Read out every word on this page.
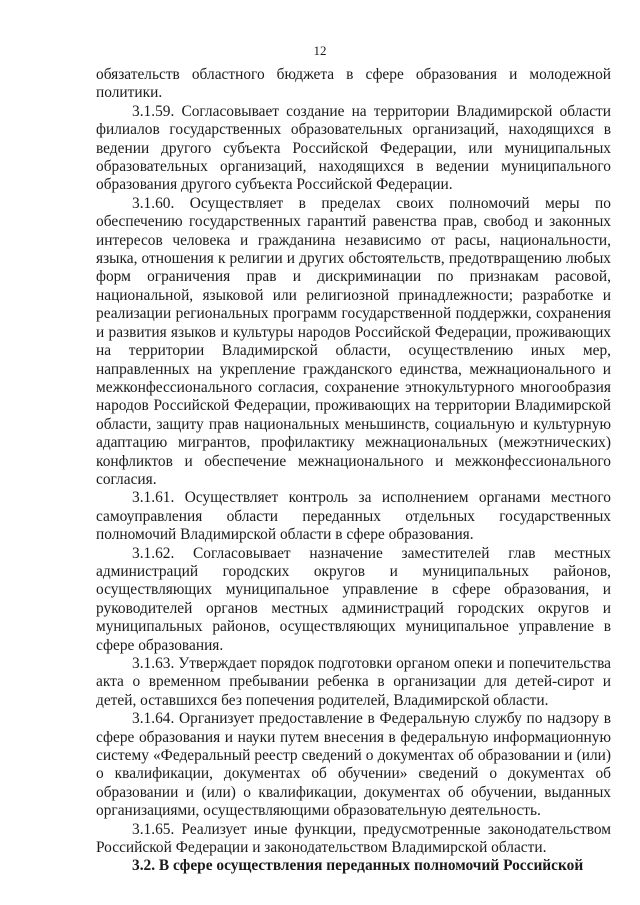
12

обязательств областного бюджета в сфере образования и молодежной политики.

3.1.59. Согласовывает создание на территории Владимирской области филиалов государственных образовательных организаций, находящихся в ведении другого субъекта Российской Федерации, или муниципальных образовательных организаций, находящихся в ведении муниципального образования другого субъекта Российской Федерации.

3.1.60. Осуществляет в пределах своих полномочий меры по обеспечению государственных гарантий равенства прав, свобод и законных интересов человека и гражданина независимо от расы, национальности, языка, отношения к религии и других обстоятельств, предотвращению любых форм ограничения прав и дискриминации по признакам расовой, национальной, языковой или религиозной принадлежности; разработке и реализации региональных программ государственной поддержки, сохранения и развития языков и культуры народов Российской Федерации, проживающих на территории Владимирской области, осуществлению иных мер, направленных на укрепление гражданского единства, межнационального и межконфессионального согласия, сохранение этнокультурного многообразия народов Российской Федерации, проживающих на территории Владимирской области, защиту прав национальных меньшинств, социальную и культурную адаптацию мигрантов, профилактику межнациональных (межэтнических) конфликтов и обеспечение межнационального и межконфессионального согласия.

3.1.61. Осуществляет контроль за исполнением органами местного самоуправления области переданных отдельных государственных полномочий Владимирской области в сфере образования.

3.1.62. Согласовывает назначение заместителей глав местных администраций городских округов и муниципальных районов, осуществляющих муниципальное управление в сфере образования, и руководителей органов местных администраций городских округов и муниципальных районов, осуществляющих муниципальное управление в сфере образования.

3.1.63. Утверждает порядок подготовки органом опеки и попечительства акта о временном пребывании ребенка в организации для детей-сирот и детей, оставшихся без попечения родителей, Владимирской области.

3.1.64. Организует предоставление в Федеральную службу по надзору в сфере образования и науки путем внесения в федеральную информационную систему «Федеральный реестр сведений о документах об образовании и (или) о квалификации, документах об обучении» сведений о документах об образовании и (или) о квалификации, документах об обучении, выданных организациями, осуществляющими образовательную деятельность.

3.1.65. Реализует иные функции, предусмотренные законодательством Российской Федерации и законодательством Владимирской области.

3.2. В сфере осуществления переданных полномочий Российской
